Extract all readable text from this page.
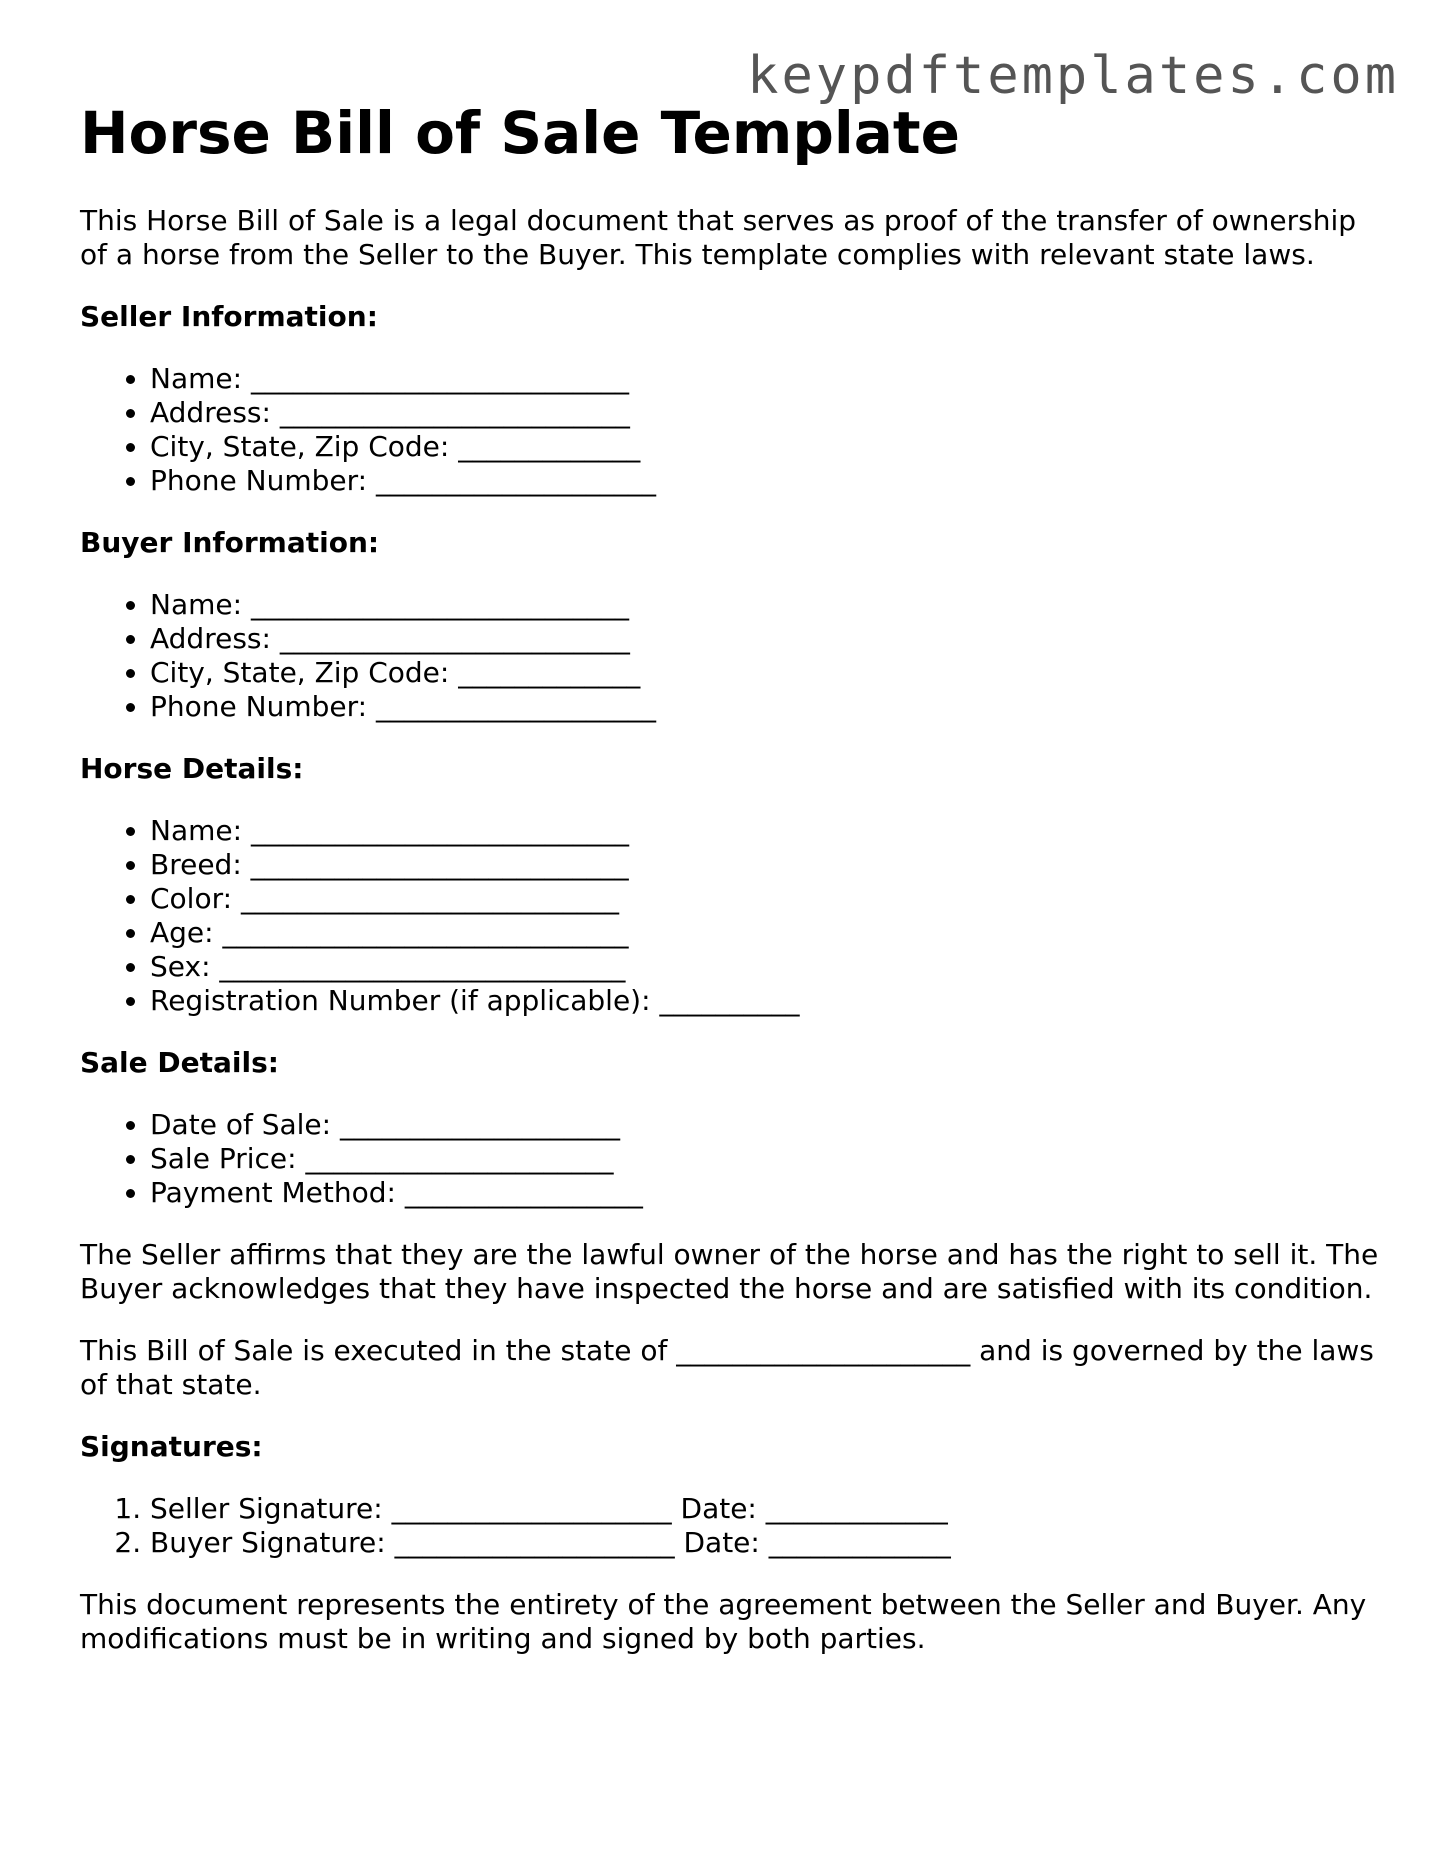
keypdftemplates.com
Horse Bill of Sale Template

This Horse Bill of Sale is a legal document that serves as proof of the transfer of ownership of a horse from the Seller to the Buyer. This template complies with relevant state laws.

Seller Information:
• Name: ___________________________
• Address: _________________________
• City, State, Zip Code: _____________
• Phone Number: ____________________
Buyer Information:
• Name: ___________________________
• Address: _________________________
• City, State, Zip Code: _____________
• Phone Number: ____________________
Horse Details:
• Name: ___________________________
• Breed: ___________________________
• Color: ___________________________
• Age: _____________________________
• Sex: _____________________________
• Registration Number (if applicable): __________
Sale Details:
• Date of Sale: ____________________
• Sale Price: ______________________
• Payment Method: _________________

The Seller affirms that they are the lawful owner of the horse and has the right to sell it. The Buyer acknowledges that they have inspected the horse and are satisfied with its condition.

This Bill of Sale is executed in the state of _____________________ and is governed by the laws of that state.

Signatures:
1. Seller Signature: ____________________ Date: _____________
2. Buyer Signature: ____________________ Date: _____________

This document represents the entirety of the agreement between the Seller and Buyer. Any modifications must be in writing and signed by both parties.
